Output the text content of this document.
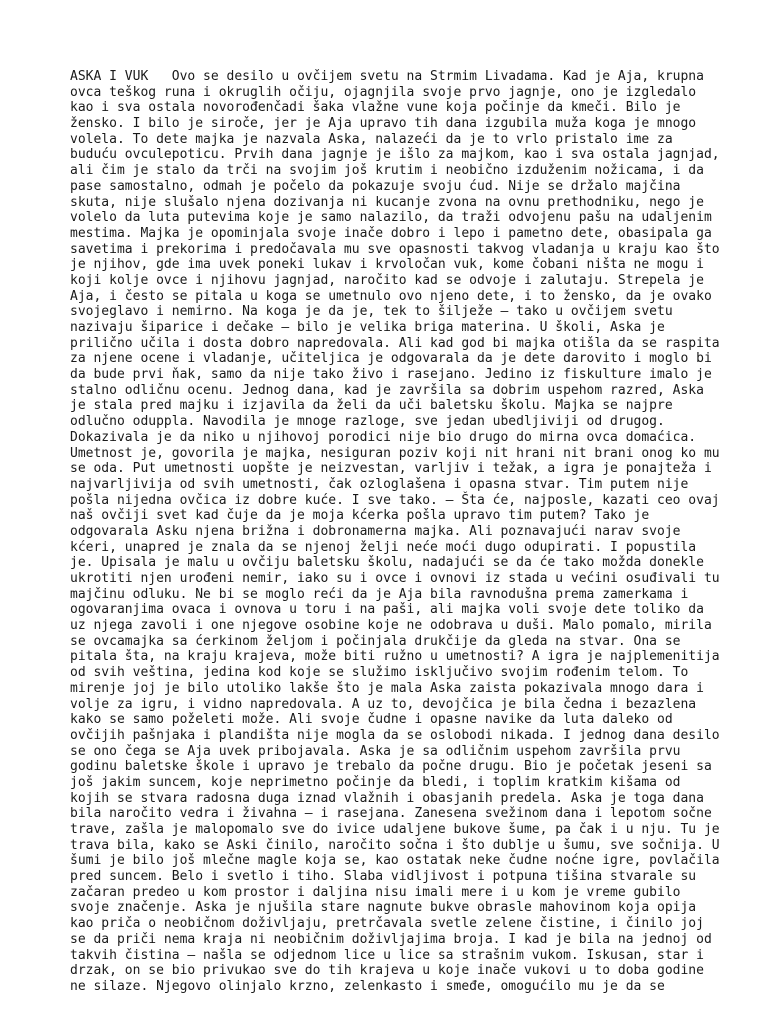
ASKA I VUK   Ovo se desilo u ovčijem svetu na Strmim Livadama. Kad je Aja, krupna
ovca teškog runa i okruglih očiju, ojagnjila svoje prvo jagnje, ono je izgledalo
kao i sva ostala novorođenčadi šaka vlažne vune koja počinje da kmeči. Bilo je
žensko. I bilo je siroče, jer je Aja upravo tih dana izgubila muža koga je mnogo
volela. To dete majka je nazvala Aska, nalazeći da je to vrlo pristalo ime za
buduću ovculepoticu. Prvih dana jagnje je išlo za majkom, kao i sva ostala jagnjad,
ali čim je stalo da trči na svojim još krutim i neobično izduženim nožicama, i da
pase samostalno, odmah je počelo da pokazuje svoju ćud. Nije se držalo majčina
skuta, nije slušalo njena dozivanja ni kucanje zvona na ovnu prethodniku, nego je
volelo da luta putevima koje je samo nalazilo, da traži odvojenu pašu na udaljenim
mestima. Majka je opominjala svoje inače dobro i lepo i pametno dete, obasipala ga
savetima i prekorima i predočavala mu sve opasnosti takvog vladanja u kraju kao što
je njihov, gde ima uvek poneki lukav i krvoločan vuk, kome čobani ništa ne mogu i
koji kolje ovce i njihovu jagnjad, naročito kad se odvoje i zalutaju. Strepela je
Aja, i često se pitala u koga se umetnulo ovo njeno dete, i to žensko, da je ovako
svojeglavo i nemirno. Na koga je da je, tek to šilježe – tako u ovčijem svetu
nazivaju šiparice i dečake – bilo je velika briga materina. U školi, Aska je
prilično učila i dosta dobro napredovala. Ali kad god bi majka otišla da se raspita
za njene ocene i vladanje, učiteljica je odgovarala da je dete darovito i moglo bi
da bude prvi ňak, samo da nije tako živo i rasejano. Jedino iz fiskulture imalo je
stalno odličnu ocenu. Jednog dana, kad je završila sa dobrim uspehom razred, Aska
je stala pred majku i izjavila da želi da uči baletsku školu. Majka se najpre
odlučno odupрla. Navodila je mnoge razloge, sve jedan ubedljiviji od drugog.
Dokazivala je da niko u njihovoj porodici nije bio drugo do mirna ovca domaćica.
Umetnost je, govorila je majka, nesiguran poziv koji nit hrani nit brani onog ko mu
se oda. Put umetnosti uopšte je neizvestan, varljiv i težak, a igra je ponajteža i
najvarljivija od svih umetnosti, čak ozloglašena i opasna stvar. Tim putem nije
pošla nijedna ovčica iz dobre kuće. I sve tako. – Šta će, najposle, kazati ceo ovaj
naš ovčiji svet kad čuje da je moja kćerka pošla upravo tim putem? Tako je
odgovarala Asku njena brižna i dobronamerna majka. Ali poznavajući narav svoje
kćeri, unapred je znala da se njenoj želji neće moći dugo odupirati. I popustila
je. Upisala je malu u ovčiju baletsku školu, nadajući se da će tako možda donekle
ukrotiti njen urođeni nemir, iako su i ovce i ovnovi iz stada u većini osuđivali tu
majčinu odluku. Ne bi se moglo reći da je Aja bila ravnodušna prema zamerkama i
ogovaranjima ovaca i ovnova u toru i na paši, ali majka voli svoje dete toliko da
uz njega zavoli i one njegove osobine koje ne odobrava u duši. Malo pomalo, mirila
se ovcamajka sa ćerkinom željom i počinjala drukčije da gleda na stvar. Ona se
pitala šta, na kraju krajeva, može biti ružno u umetnosti? A igra je najplemenitija
od svih veština, jedina kod koje se služimo isključivo svojim rođenim telom. To
mirenje joj je bilo utoliko lakše što je mala Aska zaista pokazivala mnogo dara i
volje za igru, i vidno napredovala. A uz to, devojčica je bila čedna i bezazlena
kako se samo poželeti može. Ali svoje čudne i opasne navike da luta daleko od
ovčijih pašnjaka i plandišta nije mogla da se oslobodi nikada. I jednog dana desilo
se ono čega se Aja uvek pribojavala. Aska je sa odličnim uspehom završila prvu
godinu baletske škole i upravo je trebalo da počne drugu. Bio je početak jeseni sa
još jakim suncem, koje neprimetno počinje da bledi, i toplim kratkim kišama od
kojih se stvara radosna duga iznad vlažnih i obasjanih predela. Aska je toga dana
bila naročito vedra i živahna – i rasejana. Zanesena svežinom dana i lepotom sočne
trave, zašla je malopomalo sve do ivice udaljene bukove šume, pa čak i u nju. Tu je
trava bila, kako se Aski činilo, naročito sočna i što dublje u šumu, sve sočnija. U
šumi je bilo još mlečne magle koja se, kao ostatak neke čudne noćne igre, povlačila
pred suncem. Belo i svetlo i tiho. Slaba vidljivost i potpuna tišina stvarale su
začaran predeo u kom prostor i daljina nisu imali mere i u kom je vreme gubilo
svoje značenje. Aska je njušila stare nagnute bukve obrasle mahovinom koja opija
kao priča o neobičnom doživljaju, pretrčavala svetle zelene čistine, i činilo joj
se da priči nema kraja ni neobičnim doživljajima broja. I kad je bila na jednoj od
takvih čistina – našla se odjednom lice u lice sa strašnim vukom. Iskusan, star i
drzak, on se bio privukao sve do tih krajeva u koje inače vukovi u to doba godine
ne silaze. Njegovo olinjalo krzno, zelenkasto i smeđe, omogućilo mu je da se
